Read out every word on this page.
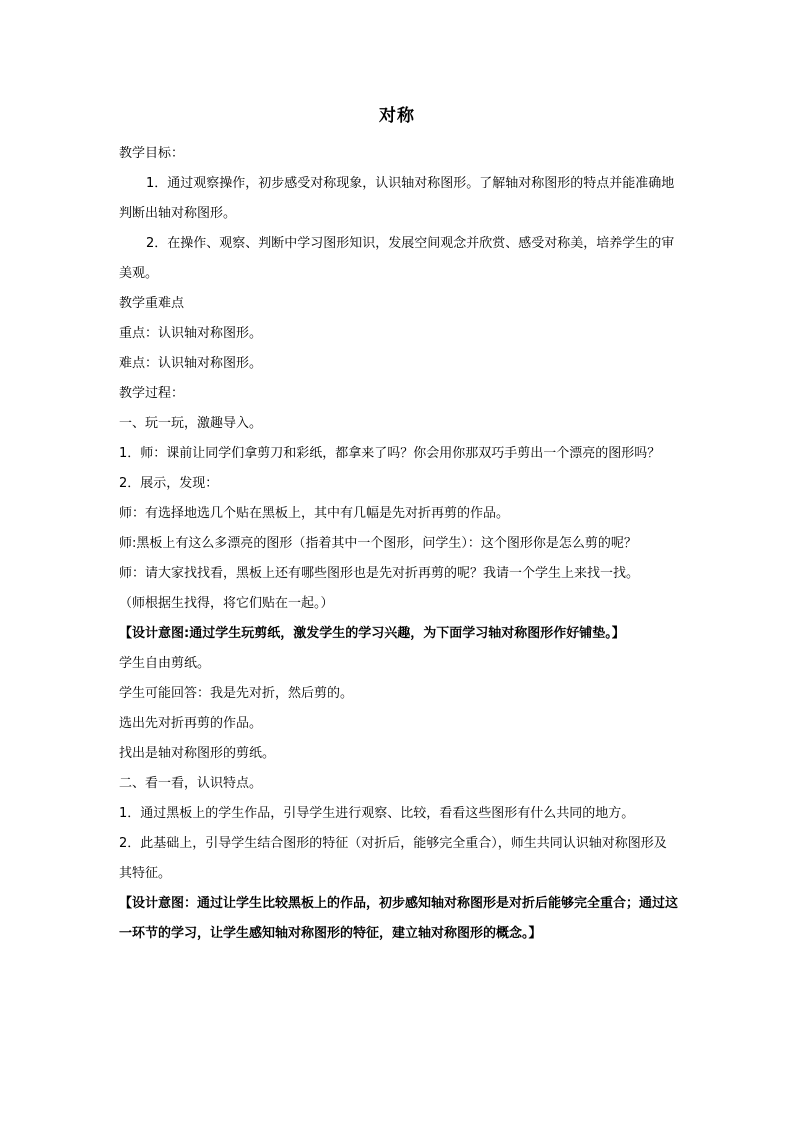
对称

教学目标：

1．通过观察操作，初步感受对称现象，认识轴对称图形。了解轴对称图形的特点并能准确地判断出轴对称图形。

2．在操作、观察、判断中学习图形知识，发展空间观念并欣赏、感受对称美，培养学生的审美观。

教学重难点

重点：认识轴对称图形。

难点：认识轴对称图形。

教学过程：

一、玩一玩，激趣导入。

1．师：课前让同学们拿剪刀和彩纸，都拿来了吗？你会用你那双巧手剪出一个漂亮的图形吗？

2．展示，发现：

师：有选择地选几个贴在黑板上，其中有几幅是先对折再剪的作品。

师:黑板上有这么多漂亮的图形（指着其中一个图形，问学生）：这个图形你是怎么剪的呢？

师：请大家找找看，黑板上还有哪些图形也是先对折再剪的呢？我请一个学生上来找一找。

（师根据生找得，将它们贴在一起。）

【设计意图:通过学生玩剪纸，激发学生的学习兴趣，为下面学习轴对称图形作好铺垫。】

学生自由剪纸。

学生可能回答：我是先对折，然后剪的。

选出先对折再剪的作品。

找出是轴对称图形的剪纸。

二、看一看，认识特点。

1．通过黑板上的学生作品，引导学生进行观察、比较，看看这些图形有什么共同的地方。

2．此基础上，引导学生结合图形的特征（对折后，能够完全重合），师生共同认识轴对称图形及其特征。

【设计意图：通过让学生比较黑板上的作品，初步感知轴对称图形是对折后能够完全重合；通过这一环节的学习，让学生感知轴对称图形的特征，建立轴对称图形的概念。】
